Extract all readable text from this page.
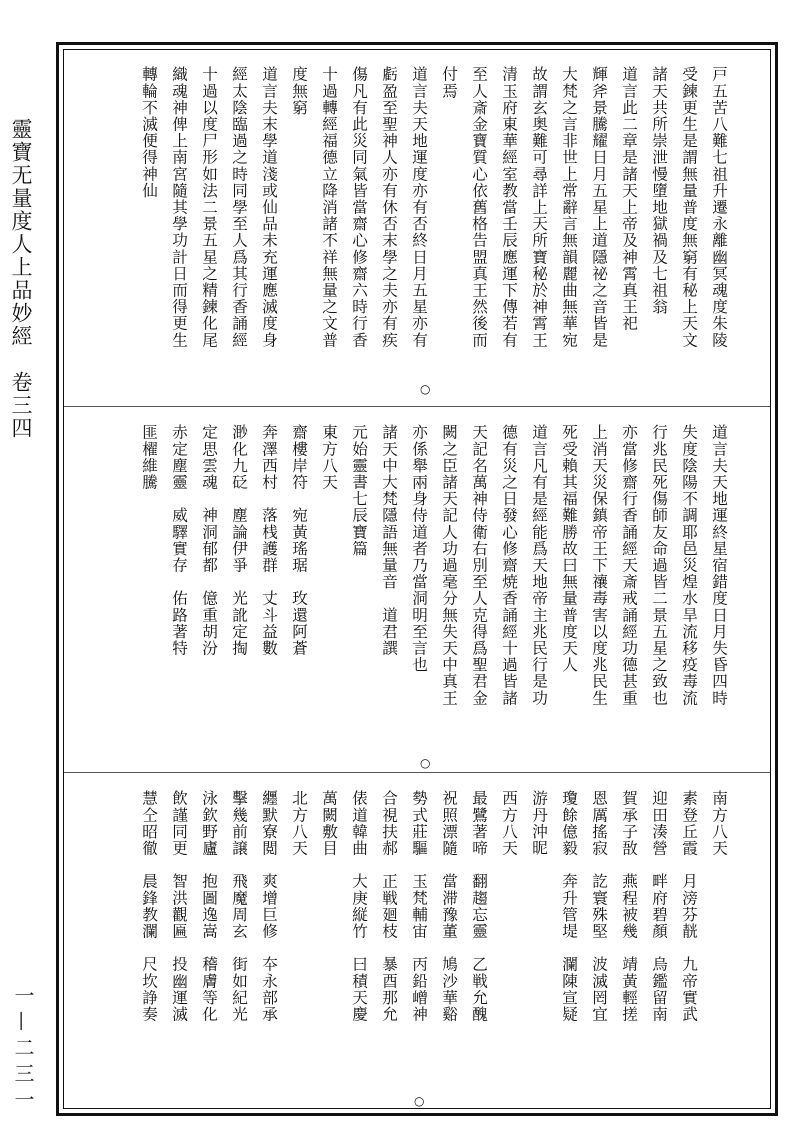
靈寶无量度人上品妙經　卷三四
一—二三一
戸五苦八難七祖升遷永離幽冥魂度朱陵
受鍊更生是謂無量普度無窮有秘上天文
諸天共所崇泄慢墮地獄禍及七祖翁
道言此二章是諸天上帝及神霄真王祀
輝斧景騰耀日月五星上道隱祕之音皆是
大梵之言非世上常辭言無韻麗曲無華宛
故謂玄奥難可尋詳上天所寶秘於神霄王
清玉府東華經室教當壬辰應運下傳若有
至人斎金寶質心依舊格告盟真王然後而
付焉
道言夫天地運度亦有否終日月五星亦有
虧盈至聖神人亦有休否末學之夫亦有疾
傷凡有此災同氣皆當齋心修齋六時行香
十過轉經福德立降消諸不祥無量之文普
度無窮
道言夫末學道淺或仙品未充運應滅度身
經太陰臨過之時同學至人爲其行香誦經
十過以度尸形如法二景五星之精鍊化尾
織魂神俾上南宮隨其學功計日而得更生
轉輪不滅便得神仙

○
道言夫天地運終星宿錯度日月失昏四時
失度陰陽不調耶邑災煌水旱流移疫毒流
行兆民死傷師友命過皆二景五星之致也
亦當修齋行香誦經天斎戒誦經功德甚重
上消天災保鎮帝王下禳毒害以度兆民生
死受賴其福難勝故曰無量普度天人
道言凡有是經能爲天地帝主兆民行是功
德有災之日發心修齋焼香誦經十過皆諸
天記名萬神侍衛右別至人克得爲聖君金
闕之臣諸天記人功過毫分無失天中真王
亦係舉兩身侍道者乃當洞明至言也
諸天中大梵隱語無量音　道君譔
元始靈書七辰寶篇
東方八天
齋樓岸符　宛黃瑤琚　玫還阿蒼
奔澤西村　落桟護群　丈斗益數
渺化九砭　塵論伊爭　光訛定掏
定思雲魂　神洞郁都　億重胡汾
赤定塵靈　威驛實存　佑路著特
匪櫂維騰

○
南方八天
素登丘霞　月滂芬靗　九帝實武
迎田湊營　畔府碧顏　烏鑑留南
賀承子敔　燕程被幾　靖黃輕搓
恩厲搖寂　訖寰殊堅　波滅罔宜
瓊餘億毅　奔升管堤　瀾陳宣疑
游丹沖昵
西方八天
最鷺著啼　翻趨忘靈　乙戦允醜
祝照漂隨　當滞豫董　鳩沙華谿
勢式莊驅　玉梵輔宙　丙鉛嶒神
合視扶郝　正戦廻枝　暴酉那允
俵道韓曲　大庚縦竹　曰積天慶
萬闕敷目
北方八天
纒默寮閲　爽增巨修　夲永部承
擊幾前譲　飛魔周玄　街如紀光
泳欽野廬　抱圖逸嵩　稽膚等化
飲謹同更　智洪觀匾　投幽運滅
慧仝昭徹　晨鋒教瀾　尺坎諍奏

○
